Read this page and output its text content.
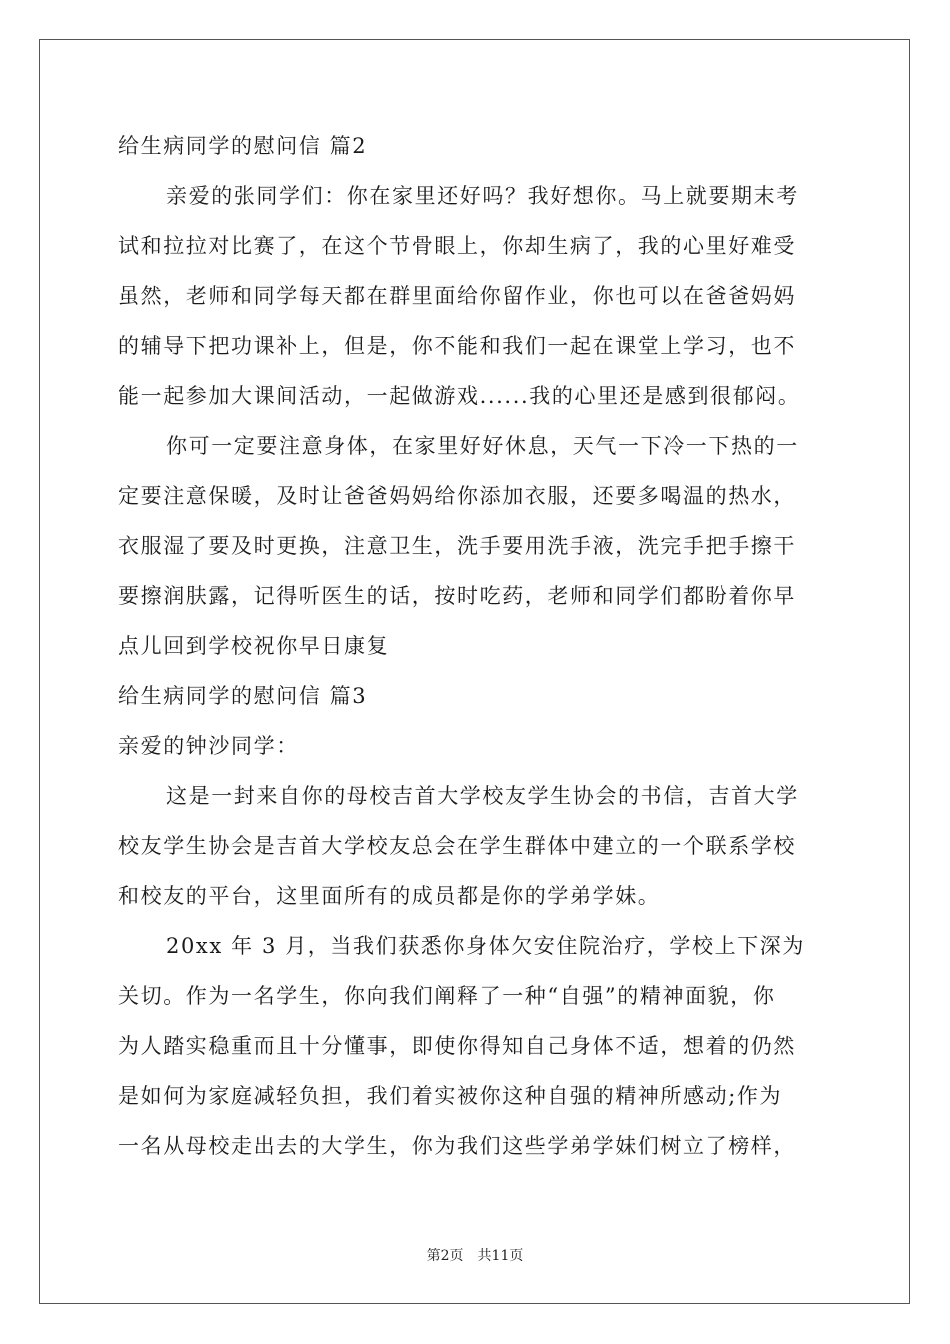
给生病同学的慰问信 篇2
亲爱的张同学们：你在家里还好吗？我好想你。马上就要期末考
试和拉拉对比赛了，在这个节骨眼上，你却生病了，我的心里好难受
虽然，老师和同学每天都在群里面给你留作业，你也可以在爸爸妈妈
的辅导下把功课补上，但是，你不能和我们一起在课堂上学习，也不
能一起参加大课间活动，一起做游戏......我的心里还是感到很郁闷。
你可一定要注意身体，在家里好好休息，天气一下冷一下热的一
定要注意保暖，及时让爸爸妈妈给你添加衣服，还要多喝温的热水，
衣服湿了要及时更换，注意卫生，洗手要用洗手液，洗完手把手擦干
要擦润肤露，记得听医生的话，按时吃药，老师和同学们都盼着你早
点儿回到学校祝你早日康复
给生病同学的慰问信 篇3
亲爱的钟沙同学：
这是一封来自你的母校吉首大学校友学生协会的书信，吉首大学
校友学生协会是吉首大学校友总会在学生群体中建立的一个联系学校
和校友的平台，这里面所有的成员都是你的学弟学妹。
20xx 年 3 月，当我们获悉你身体欠安住院治疗，学校上下深为
关切。作为一名学生，你向我们阐释了一种“自强”的精神面貌，你
为人踏实稳重而且十分懂事，即使你得知自己身体不适，想着的仍然
是如何为家庭减轻负担，我们着实被你这种自强的精神所感动;作为
一名从母校走出去的大学生，你为我们这些学弟学妹们树立了榜样，
第2页 共11页
